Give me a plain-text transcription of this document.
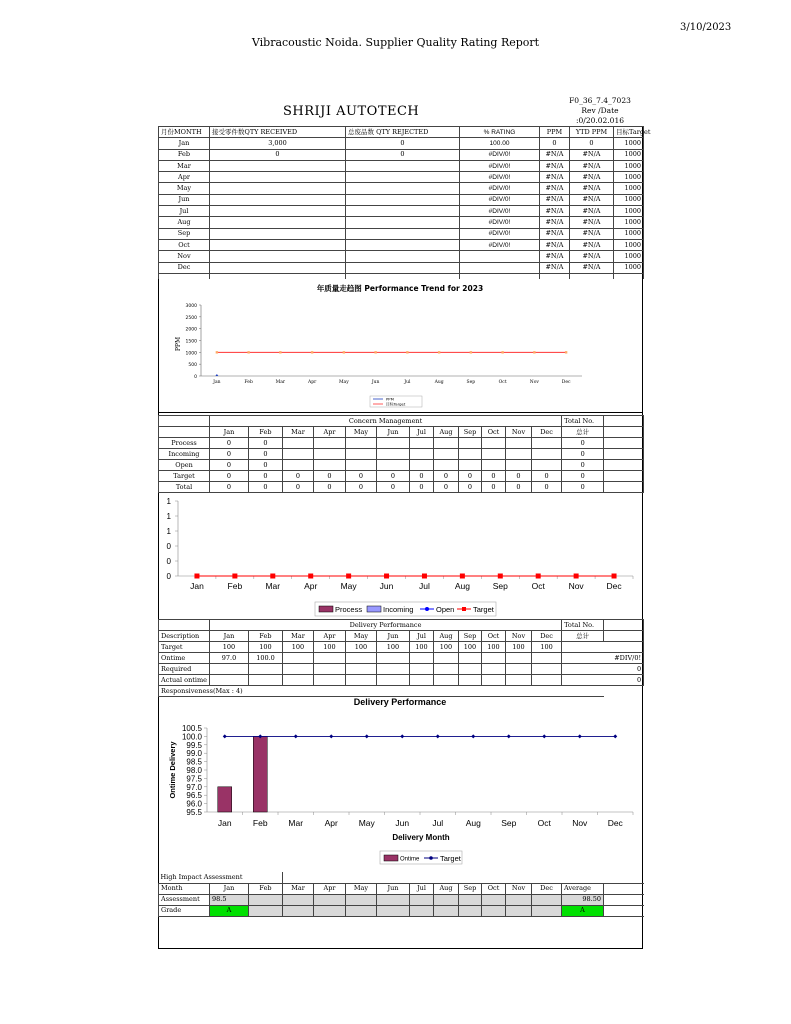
3/10/2023
Vibracoustic Noida. Supplier Quality Rating Report
SHRIJI AUTOTECH
F0_36_7.4_7023
Rev /Date
:0/20.02.016
月份MONTH	接受零件数QTY RECEIVED	总废品数 QTY REJECTED	% RATING	PPM	YTD PPM	目标Target
Jan	3,000	0	100.00	0	0	1000
Feb	0	0	#DIV/0!	#N/A	#N/A	1000
Mar			#DIV/0!	#N/A	#N/A	1000
Apr			#DIV/0!	#N/A	#N/A	1000
May			#DIV/0!	#N/A	#N/A	1000
Jun			#DIV/0!	#N/A	#N/A	1000
Jul			#DIV/0!	#N/A	#N/A	1000
Aug			#DIV/0!	#N/A	#N/A	1000
Sep			#DIV/0!	#N/A	#N/A	1000
Oct			#DIV/0!	#N/A	#N/A	1000
Nov				#N/A	#N/A	1000
Dec				#N/A	#N/A	1000

年质量走趋图 Performance Trend for 2023
0
500
1000
1500
2000
2500
3000
PPM
Jan	Feb	Mar	Apr	May	Jun	Jul	Aug	Sep	Oct	Nov	Dec
PPM
目标Target
	Concern Management												Total No.	
	Jan	Feb	Mar	Apr	May	Jun	Jul	Aug	Sep	Oct	Nov	Dec	总计	
Process	0	0											0	
Incoming	0	0											0	
Open	0	0											0	
Target	0	0	0	0	0	0	0	0	0	0	0	0	0	
Total	0	0	0	0	0	0	0	0	0	0	0	0	0	
0
0
0
1
1
1
Jan	Feb	Mar	Apr	May	Jun	Jul	Aug	Sep	Oct	Nov	Dec
Process	Incoming	Open Target
	Delivery Performance												Total No.	
Description	Jan	Feb	Mar	Apr	May	Jun	Jul	Aug	Sep	Oct	Nov	Dec	总计	
Target	100	100	100	100	100	100	100	100	100	100	100	100		
Ontime	97.0	100.0											#DIV/0!	
Required													0	
Actual ontime													0	
Responsiveness(Max : 4)														
Delivery Performance
95.5
96.0
96.5
97.0
97.5
98.0
98.5
99.0
99.5
100.0
100.5
Ontime Delivery
Jan	Feb Mar	Apr May Jun	Jul	Aug Sep	Oct	Nov Dec
Delivery Month
Ontime	Target
High Impact Assessment														
Month	Jan	Feb	Mar	Apr	May	Jun	Jul	Aug	Sep	Oct	Nov	Dec	Average	
Assessment	98.5												98.50	
Grade	A												A	
